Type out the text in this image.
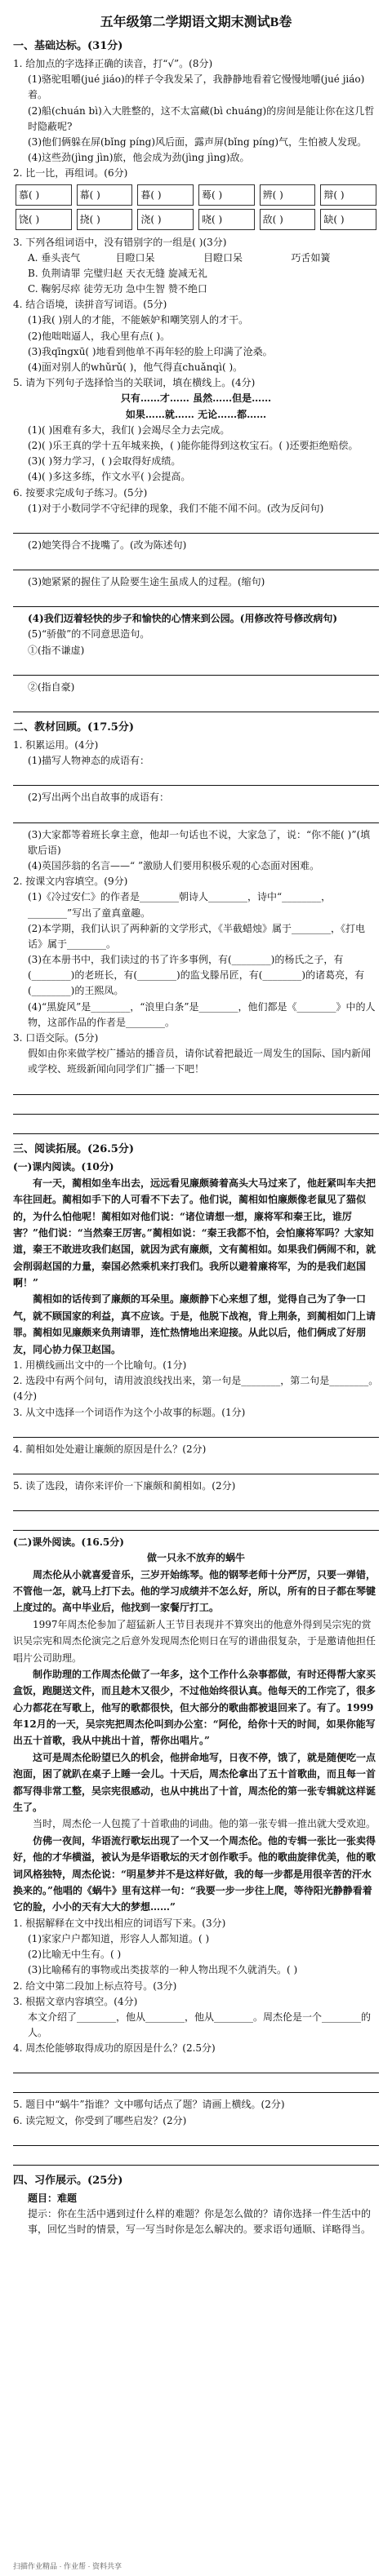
五年级第二学期语文期末测试B卷
一、基础达标。(31分)

1. 给加点的字选择正确的读音，打“√”。(8分)

(1)骆驼咀嚼(jué jiáo)的样子令我发呆了，我静静地看着它慢慢地嚼(jué jiáo)着。

(2)船(chuán bì)入大胜整的，这不太富藏(bì chuáng)的房间是能让你在这几哲时隐蔽呢?

(3)他们俩躲在屏(bǐng píng)风后面，露声屏(bǐng píng)气，生怕被人发现。

(4)这些劲(jìng jìn)旅，他会成为劲(jìng jìng)敌。

2. 比一比，再组词。(6分)

慕( )	幕( )	暮( )	蓦( )	辨( )	辩( )
饶( )	挠( )	浇( )	哓( )	敌( )	缺( )

3. 下列各组词语中，没有错别字的一组是( )(3分)

A. 垂头丧气	目瞪口呆	目瞪口呆	巧舌如簧

B. 负荆请罪 完璧归赵 天衣无缝 旋减无礼

C. 鞠躬尽瘁 徒劳无功 急中生智 赞不绝口

4. 结合语境，读拼音写词语。(5分)

(1)我( )别人的才能，不能嫉妒和嘲笑别人的才干。

(2)他咄咄逼人，我心里有点( )。

(3)我qīngxū( )地看到他单不再年轻的脸上印满了沧桑。

(4)面对别人的whǔrǔ( )，他气得直chuǎnqì( )。

5. 请为下列句子选择恰当的关联词，填在横线上。(4分)

只有……才…… 虽然……但是……

如果……就…… 无论……都……

(1)( )困难有多大，我们( )会竭尽全力去完成。

(2)( )乐王真的学十五年城来换，( )能你能得到这枚宝石。( )还要拒绝赔偿。

(3)( )努力学习，( )会取得好成绩。

(4)( )多这多练，作文水平( )会提高。

6. 按要求完成句子练习。(5分)

(1)对于小数同学不守纪律的现象，我们不能不闻不问。(改为反问句)

(2)她笑得合不拢嘴了。(改为陈述句)

(3)她紧紧的握住了从险要生途生虽成人的过程。(缩句)

(4)我们迈着轻快的步子和愉快的心情来到公园。(用修改符号修改病句)

(5)“骄傲”的不同意思造句。

①(指不谦虚)

②(指自豪)

二、教材回顾。(17.5分)

1. 积累运用。(4分)

(1)描写人物神态的成语有：

(2)写出两个出自故事的成语有：

(3)大家都等着班长拿主意，他却一句话也不说，大家急了，说：“你不能( )”(填歇后语)

(4)英国莎翁的名言——“ ”激励人们要用积极乐观的心态面对困难。

2. 按课文内容填空。(9分)

(1)《冷过安仁》的作者是________朝诗人________，诗中“________，________”写出了童真童趣。

(2)本学期，我们认识了两种新的文学形式，《半截蜡烛》属于________，《打电话》属于________。

(3)在本册书中，我们读过的书了许多事例，有(________)的杨氏之子，有(________)的老班长，有(________)的监戈滕吊匠，有(________)的诸葛亮，有(________)的王熙凤。

(4)“黑旋风”是________，“浪里白条”是________，他们都是《________》中的人物，这部作品的作者是________。

3. 口语交际。(5分)

假如由你来做学校广播站的播音员，请你试着把最近一周发生的国际、国内新闻或学校、班级新闻向同学们广播一下吧！

三、阅读拓展。(26.5分)

(一)课内阅读。(10分)

有一天，蔺相如坐车出去，远远看见廉颇骑着高头大马过来了，他赶紧叫车夫把车往回赶。蔺相如手下的人可看不下去了。他们说，蔺相如怕廉颇像老鼠见了猫似的，为什么怕他呢！蔺相如对他们说：“诸位请想一想，廉将军和秦王比，谁厉害？”他们说：“当然秦王厉害。”蔺相如说：“秦王我都不怕，会怕廉将军吗？大家知道，秦王不敢进攻我们赵国，就因为武有廉颇，文有蔺相如。如果我们俩闹不和，就会削弱赵国的力量，秦国必然乘机来打我们。我所以避着廉将军，为的是我们赵国啊！”

蔺相如的话传到了廉颇的耳朵里。廉颇静下心来想了想，觉得自己为了争一口气，就不顾国家的利益，真不应该。于是，他脱下战袍，背上荆条，到蔺相如门上请罪。蔺相如见廉颇来负荆请罪，连忙热情地出来迎接。从此以后，他们俩成了好朋友，同心协力保卫赵国。

1. 用横线画出文中的一个比喻句。(1分)

2. 选段中有两个问句，请用波浪线找出来，第一句是________，第二句是________。(4分)

3. 从文中选择一个词语作为这个小故事的标题。(1分)

4. 蔺相如处处避让廉颇的原因是什么？(2分)

5. 读了选段，请你来评价一下廉颇和蔺相如。(2分)

(二)课外阅读。(16.5分)

做一只永不放弃的蜗牛

周杰伦从小就喜爱音乐，三岁开始练琴。他的钢琴老师十分严厉，只要一弹错，不管他一怎，就马上打下去。他的学习成绩并不怎么好，所以，所有的日子都在琴键上度过的。高中毕业后，他找到一家餐厅打工。

1997年周杰伦参加了超猛新人王节目表现并不算突出的他意外得到吴宗宪的赏识吴宗宪和周杰伦演完之后意外发现周杰伦则日在写的谱曲很复杂，于是邀请他担任唱片公司助理。

制作助理的工作周杰伦做了一年多，这个工作什么杂事都做，有时还得帮大家买盒饭，跑腿送文件，而且趁木又很少，不过他始终很认真。他每天的工作完了，很多心力都花在写歌上，他写的歌都很快，但大部分的歌曲都被退回来了。有了。1999年12月的一天，吴宗宪把周杰伦叫到办公室：“阿伦，给你十天的时间，如果你能写出五十首歌，我从中挑出十首，帮你出唱片。”

这可是周杰伦盼望已久的机会，他拼命地写，日夜不停，饿了，就是随便吃一点泡面，困了就趴在桌子上睡一会儿。十天后，周杰伦拿出了五十首歌曲，而且每一首都写得非常工整，吴宗宪很感动，也从中挑出了十首，周杰伦的第一张专辑就这样诞生了。

当时，周杰伦一人包揽了十首歌曲的词曲。他的第一张专辑一推出就大受欢迎。

仿佛一夜间，华语流行歌坛出现了一个又一个周杰伦。他的专辑一张比一张卖得好，他的才华横溢，被认为是华语歌坛的天才创作歌手。他的歌曲旋律优美，他的歌词风格独特，周杰伦说：“明星梦并不是这样好做，我的每一步都是用很辛苦的汗水换来的。”他唱的《蜗牛》里有这样一句：“我要一步一步往上爬，等待阳光静静看着它的脸，小小的天有大大的梦想……”

1. 根据解释在文中找出相应的词语写下来。(3分)

(1)家家户户都知道，形容人人都知道。( )

(2)比喻无中生有。( )

(3)比喻稀有的事物或出类拔萃的一种人物出现不久就消失。( )

2. 给文中第二段加上标点符号。(3分)

3. 根据文章内容填空。(4分)

本文介绍了________，他从________，他从________。周杰伦是一个________的人。

4. 周杰伦能够取得成功的原因是什么？(2.5分)

5. 题目中“蜗牛”指谁？文中哪句话点了题？请画上横线。(2分)

6. 读完短文，你受到了哪些启发？(2分)

四、习作展示。(25分)

题目：难题

提示：你在生活中遇到过什么样的难题？你是怎么做的？请你选择一件生活中的事，回忆当时的情景，写一写当时你是怎么解决的。要求语句通顺、详略得当。

扫描作业精品 · 作业帮 · 资料共享
